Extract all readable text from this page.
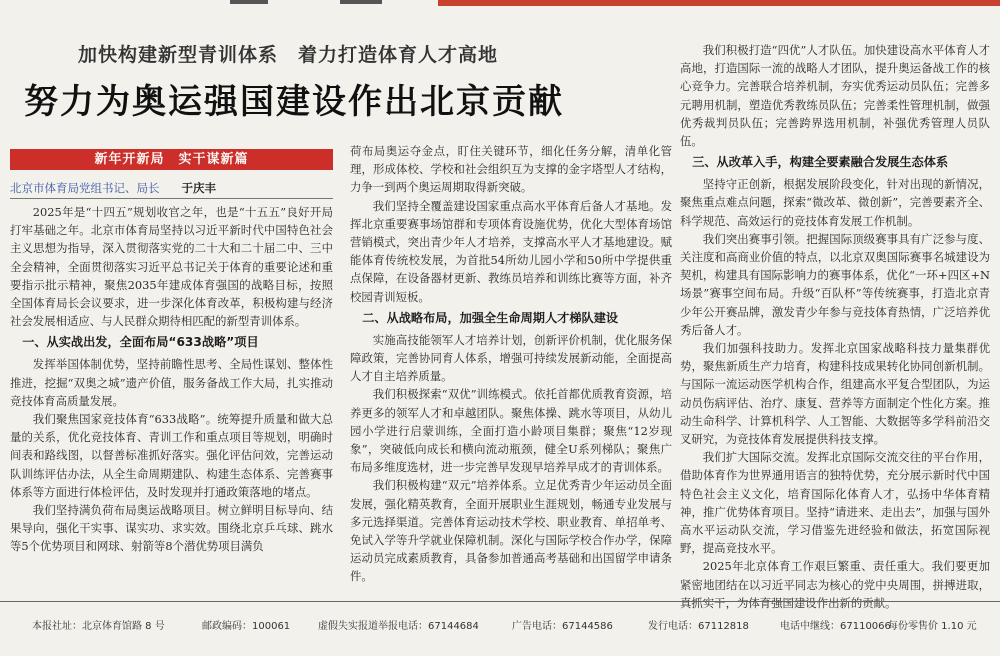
加快构建新型青训体系　着力打造体育人才高地
努力为奥运强国建设作出北京贡献
新年开新局　实干谋新篇
北京市体育局党组书记、局长 于庆丰

2025年是“十四五”规划收官之年，也是“十五五”良好开局打牢基础之年。北京市体育局坚持以习近平新时代中国特色社会主义思想为指导，深入贯彻落实党的二十大和二十届二中、三中全会精神，全面贯彻落实习近平总书记关于体育的重要论述和重要指示批示精神，聚焦2035年建成体育强国的战略目标，按照全国体育局长会议要求，进一步深化体育改革，积极构建与经济社会发展相适应、与人民群众期待相匹配的新型青训体系。

一、从实战出发，全面布局“633战略”项目

发挥举国体制优势，坚持前瞻性思考、全局性谋划、整体性推进，挖掘“双奥之城”遗产价值，服务备战工作大局，扎实推动竞技体育高质量发展。

我们聚焦国家竞技体育“633战略”。统筹提升质量和做大总量的关系，优化竞技体育、青训工作和重点项目等规划，明确时间表和路线图，以督善标准抓好落实。强化评估问效，完善运动队训练评估办法，从全生命周期建队、构建生态体系、完善赛事体系等方面进行体检评估，及时发现并打通政策落地的堵点。

我们坚持满负荷布局奥运战略项目。树立鲜明目标导向、结果导向，强化干实事、谋实功、求实效。围绕北京乒乓球、跳水等5个优势项目和网球、射箭等8个潜优势项目满负

荷布局奥运夺金点，盯住关键环节，细化任务分解，清单化管理，形成体校、学校和社会组织互为支撑的金字塔型人才结构，力争一到两个奥运周期取得新突破。

我们坚持全覆盖建设国家重点高水平体育后备人才基地。发挥北京重要赛事场馆群和专项体育设施优势，优化大型体育场馆营销模式，突出青少年人才培养，支撑高水平人才基地建设。赋能体育传统校发展，为首批54所幼儿园小学和50所中学提供重点保障，在设备器材更新、教练员培养和训练比赛等方面，补齐校园青训短板。

二、从战略布局，加强全生命周期人才梯队建设

实施高技能领军人才培养计划，创新评价机制，优化服务保障政策，完善协同育人体系，增强可持续发展新动能，全面提高人才自主培养质量。

我们积极探索“双优”训练模式。依托首都优质教育资源，培养更多的领军人才和卓越团队。聚焦体操、跳水等项目，从幼儿园小学进行启蒙训练，全面打造小龄项目集群；聚焦“12岁现象”，突破低向成长和横向流动瓶颈，健全U系列梯队；聚焦广布局多维度选材，进一步完善早发现早培养早成才的青训体系。

我们积极构建“双元”培养体系。立足优秀青少年运动员全面发展，强化精英教育，全面开展职业生涯规划，畅通专业发展与多元选择渠道。完善体育运动技术学校、职业教育、单招单考、免试入学等升学就业保障机制。深化与国际学校合作办学，保障运动员完成素质教育，具备参加普通高考基础和出国留学申请条件。

我们积极打造“四优”人才队伍。加快建设高水平体育人才高地，打造国际一流的战略人才团队，提升奥运备战工作的核心竞争力。完善联合培养机制，夯实优秀运动员队伍；完善多元聘用机制，塑造优秀教练员队伍；完善柔性管理机制，做强优秀裁判员队伍；完善跨界选用机制，补强优秀管理人员队伍。

三、从改革入手，构建全要素融合发展生态体系

坚持守正创新，根据发展阶段变化，针对出现的新情况，聚焦重点难点问题，探索“微改革、微创新”，完善要素齐全、科学规范、高效运行的竞技体育发展工作机制。

我们突出赛事引领。把握国际顶级赛事具有广泛参与度、关注度和高商业价值的特点，以北京双奥国际赛事名城建设为契机，构建具有国际影响力的赛事体系，优化“一环+四区+N场景”赛事空间布局。升级“百队杯”等传统赛事，打造北京青少年公开赛品牌，激发青少年参与竞技体育热情，广泛培养优秀后备人才。

我们加强科技助力。发挥北京国家战略科技力量集群优势，聚焦新质生产力培育，构建科技成果转化协同创新机制。与国际一流运动医学机构合作，组建高水平复合型团队，为运动员伤病评估、治疗、康复、营养等方面制定个性化方案。推动生命科学、计算机科学、人工智能、大数据等多学科前沿交叉研究，为竞技体育发展提供科技支撑。

我们扩大国际交流。发挥北京国际交流交往的平台作用，借助体育作为世界通用语言的独特优势，充分展示新时代中国特色社会主义文化，培育国际化体育人才，弘扬中华体育精神，推广优势体育项目。坚持“请进来、走出去”，加强与国外高水平运动队交流，学习借鉴先进经验和做法，拓宽国际视野，提高竞技水平。

2025年北京体育工作艰巨繁重、责任重大。我们要更加紧密地团结在以习近平同志为核心的党中央周围，拼搏进取，真抓实干，为体育强国建设作出新的贡献。

本报社址：北京体育馆路 8 号	邮政编码：100061	虚假失实报道举报电话：67144684	广告电话：67144586	发行电话：67112818	电话中继线：67110066
每份零售价 1.10 元
